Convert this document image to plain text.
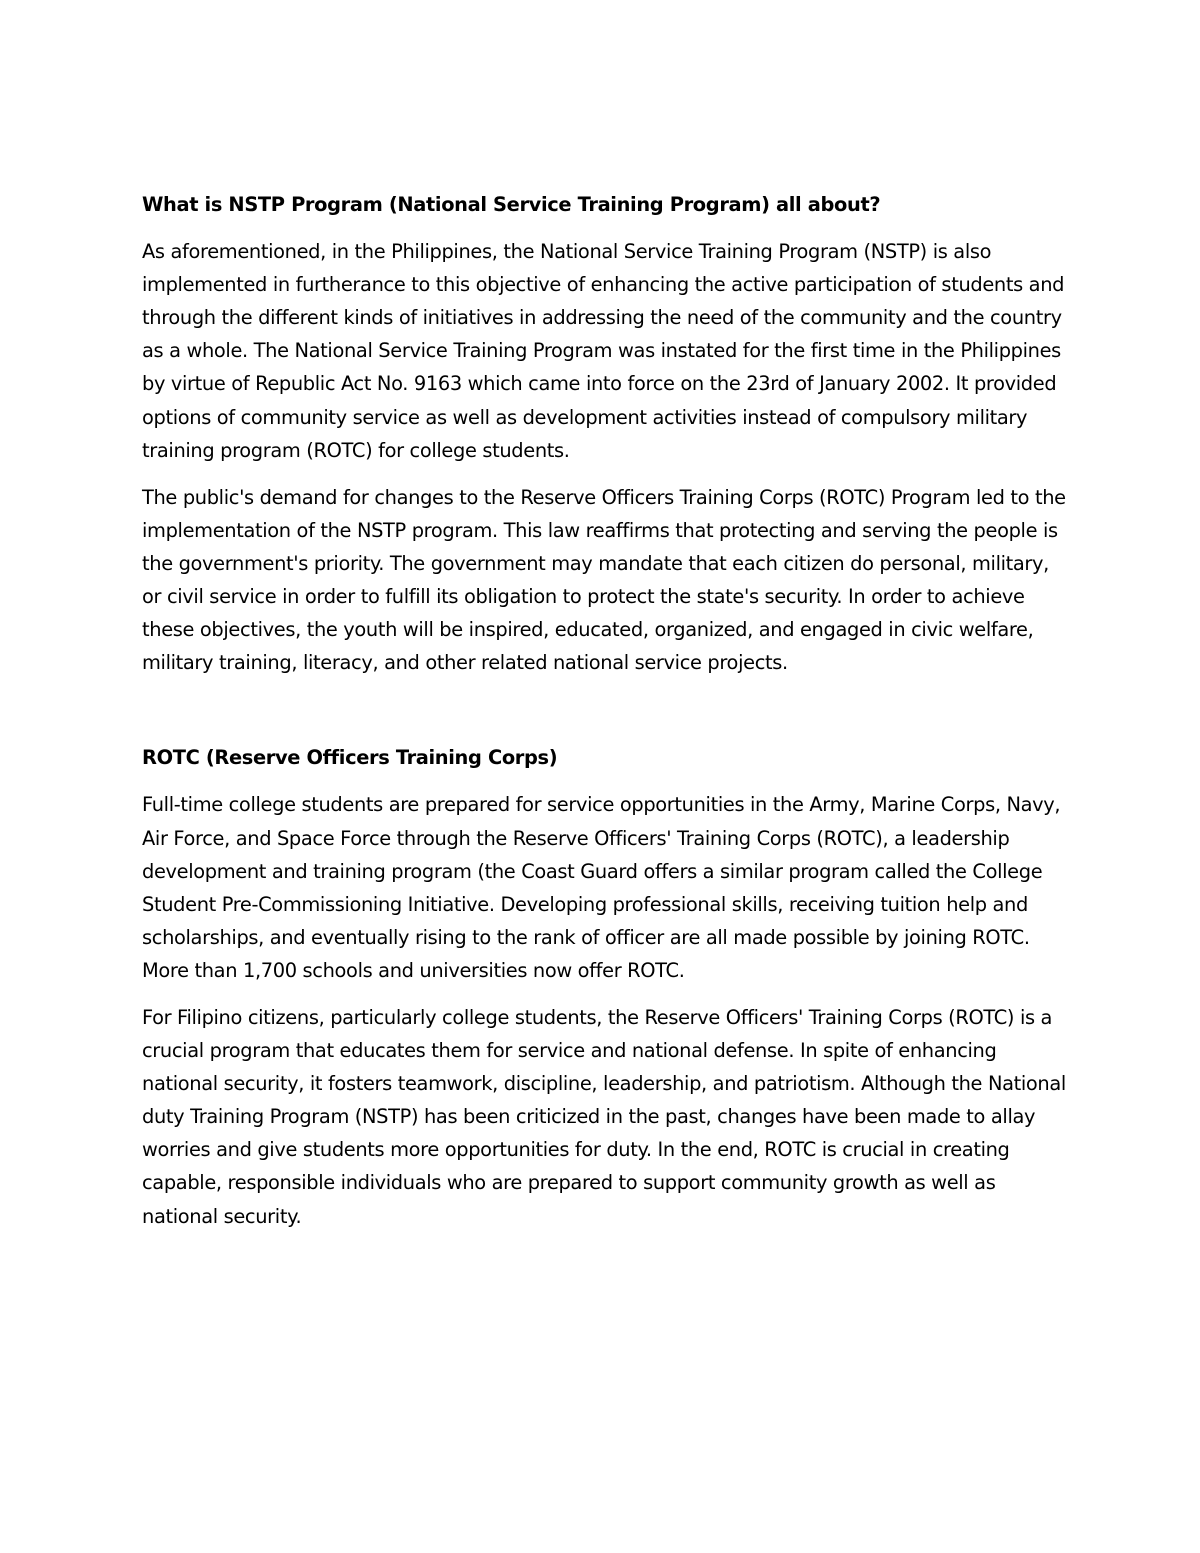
What is NSTP Program (National Service Training Program) all about?

As aforementioned, in the Philippines, the National Service Training Program (NSTP) is also implemented in furtherance to this objective of enhancing the active participation of students and through the different kinds of initiatives in addressing the need of the community and the country as a whole. The National Service Training Program was instated for the first time in the Philippines by virtue of Republic Act No. 9163 which came into force on the 23rd of January 2002. It provided options of community service as well as development activities instead of compulsory military training program (ROTC) for college students.

The public's demand for changes to the Reserve Officers Training Corps (ROTC) Program led to the implementation of the NSTP program. This law reaffirms that protecting and serving the people is the government's priority. The government may mandate that each citizen do personal, military, or civil service in order to fulfill its obligation to protect the state's security. In order to achieve these objectives, the youth will be inspired, educated, organized, and engaged in civic welfare, military training, literacy, and other related national service projects.

ROTC (Reserve Officers Training Corps)

Full-time college students are prepared for service opportunities in the Army, Marine Corps, Navy, Air Force, and Space Force through the Reserve Officers' Training Corps (ROTC), a leadership development and training program (the Coast Guard offers a similar program called the College Student Pre-Commissioning Initiative. Developing professional skills, receiving tuition help and scholarships, and eventually rising to the rank of officer are all made possible by joining ROTC. More than 1,700 schools and universities now offer ROTC.

For Filipino citizens, particularly college students, the Reserve Officers' Training Corps (ROTC) is a crucial program that educates them for service and national defense. In spite of enhancing national security, it fosters teamwork, discipline, leadership, and patriotism. Although the National duty Training Program (NSTP) has been criticized in the past, changes have been made to allay worries and give students more opportunities for duty. In the end, ROTC is crucial in creating capable, responsible individuals who are prepared to support community growth as well as national security.
